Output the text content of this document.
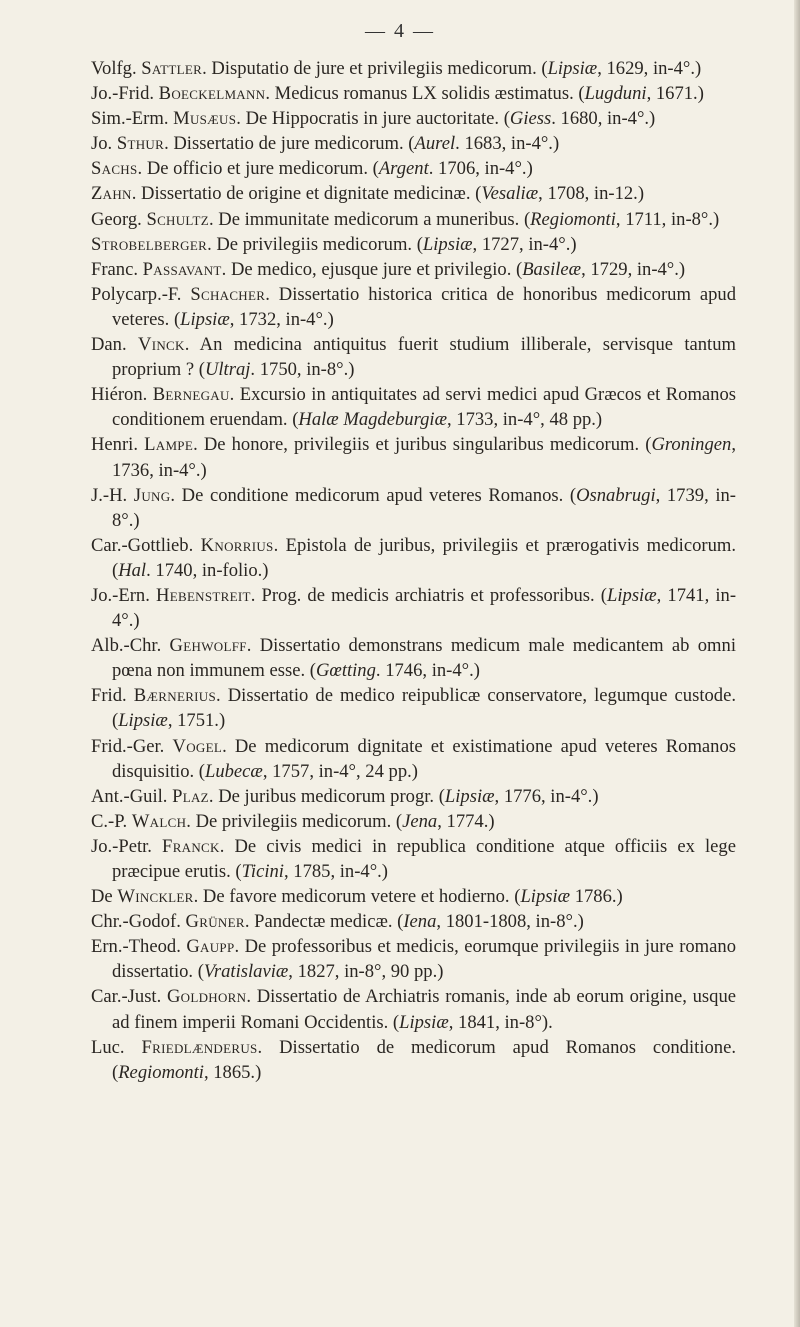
— 4 —

Volfg. Sattler. Disputatio de jure et privilegiis medicorum. (Lipsiæ, 1629, in-4°.)

Jo.-Frid. Boeckelmann. Medicus romanus LX solidis æstimatus. (Lugduni, 1671.)

Sim.-Erm. Musæus. De Hippocratis in jure auctoritate. (Giess. 1680, in-4°.)

Jo. Sthur. Dissertatio de jure medicorum. (Aurel. 1683, in-4°.)

Sachs. De officio et jure medicorum. (Argent. 1706, in-4°.)

Zahn. Dissertatio de origine et dignitate medicinæ. (Vesaliæ, 1708, in-12.)

Georg. Schultz. De immunitate medicorum a muneribus. (Regiomonti, 1711, in-8°.)

Strobelberger. De privilegiis medicorum. (Lipsiæ, 1727, in-4°.)

Franc. Passavant. De medico, ejusque jure et privilegio. (Basileæ, 1729, in-4°.)

Polycarp.-F. Schacher. Dissertatio historica critica de honoribus medicorum apud veteres. (Lipsiæ, 1732, in-4°.)

Dan. Vinck. An medicina antiquitus fuerit studium illiberale, servisque tantum proprium ? (Ultraj. 1750, in-8°.)

Hiéron. Bernegau. Excursio in antiquitates ad servi medici apud Græcos et Romanos conditionem eruendam. (Halæ Magdeburgiæ, 1733, in-4°, 48 pp.)

Henri. Lampe. De honore, privilegiis et juribus singularibus medicorum. (Groningen, 1736, in-4°.)

J.-H. Jung. De conditione medicorum apud veteres Romanos. (Osnabrugi, 1739, in-8°.)

Car.-Gottlieb. Knorrius. Epistola de juribus, privilegiis et prærogativis medicorum. (Hal. 1740, in-folio.)

Jo.-Ern. Hebenstreit. Prog. de medicis archiatris et professoribus. (Lipsiæ, 1741, in-4°.)

Alb.-Chr. Gehwolff. Dissertatio demonstrans medicum male medicantem ab omni pœna non immunem esse. (Gœtting. 1746, in-4°.)

Frid. Bærnerius. Dissertatio de medico reipublicæ conservatore, legumque custode. (Lipsiæ, 1751.)

Frid.-Ger. Vogel. De medicorum dignitate et existimatione apud veteres Romanos disquisitio. (Lubecæ, 1757, in-4°, 24 pp.)

Ant.-Guil. Plaz. De juribus medicorum progr. (Lipsiæ, 1776, in-4°.)

C.-P. Walch. De privilegiis medicorum. (Jena, 1774.)

Jo.-Petr. Franck. De civis medici in republica conditione atque officiis ex lege præcipue erutis. (Ticini, 1785, in-4°.)

De Winckler. De favore medicorum vetere et hodierno. (Lipsiæ 1786.)

Chr.-Godof. Grüner. Pandectæ medicæ. (Iena, 1801-1808, in-8°.)

Ern.-Theod. Gaupp. De professoribus et medicis, eorumque privilegiis in jure romano dissertatio. (Vratislaviæ, 1827, in-8°, 90 pp.)

Car.-Just. Goldhorn. Dissertatio de Archiatris romanis, inde ab eorum origine, usque ad finem imperii Romani Occidentis. (Lipsiæ, 1841, in-8°).

Luc. Friedlænderus. Dissertatio de medicorum apud Romanos conditione. (Regiomonti, 1865.)
